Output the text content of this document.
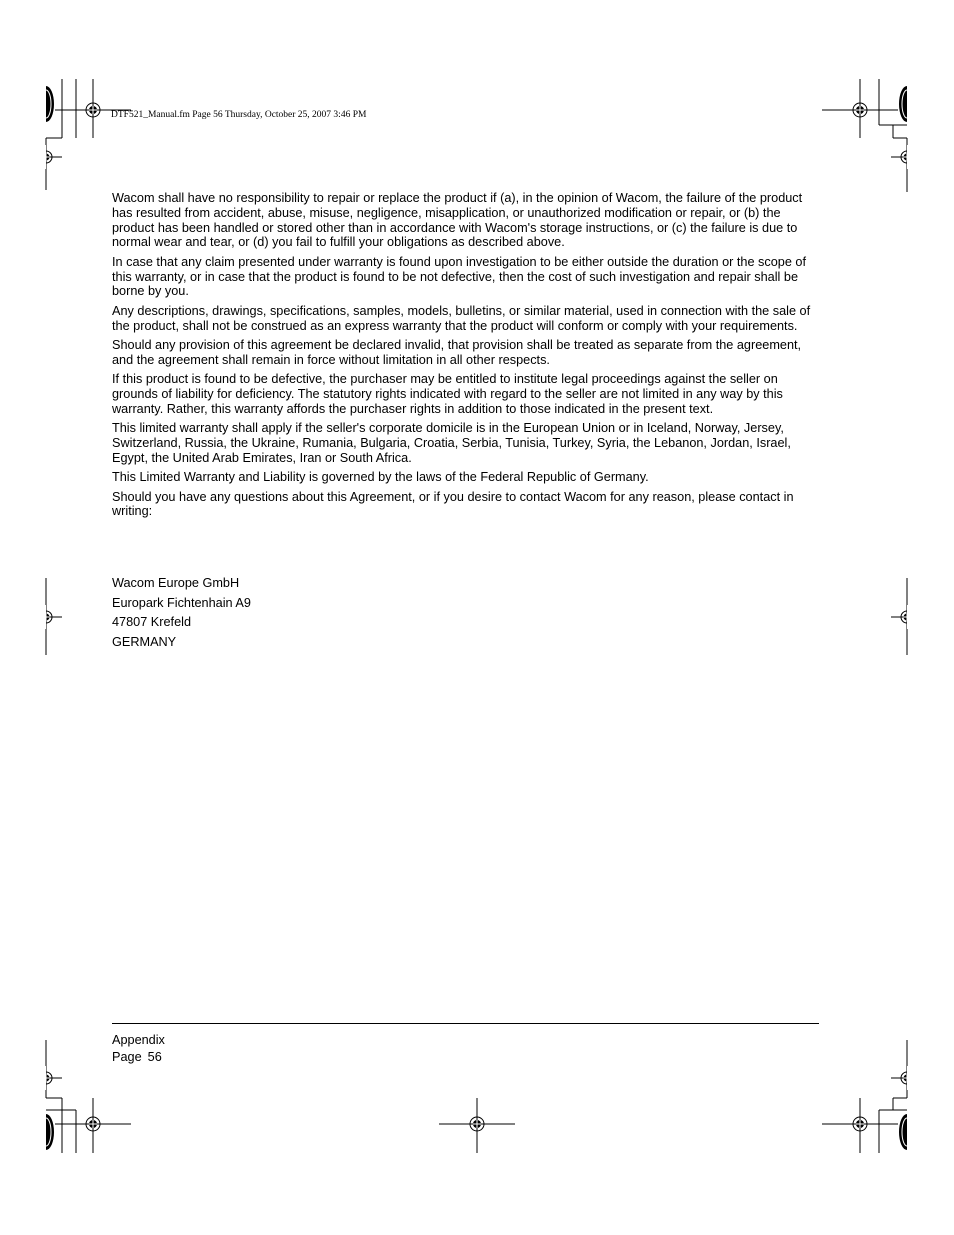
DTF521_Manual.fm Page 56 Thursday, October 25, 2007 3:46 PM

Wacom shall have no responsibility to repair or replace the product if (a), in the opinion of Wacom, the failure of the product has resulted from accident, abuse, misuse, negligence, misapplication, or unauthorized modification or repair, or (b) the product has been handled or stored other than in accordance with Wacom's storage instructions, or (c) the failure is due to normal wear and tear, or (d) you fail to fulfill your obligations as described above.

In case that any claim presented under warranty is found upon investigation to be either outside the duration or the scope of this warranty, or in case that the product is found to be not defective, then the cost of such investigation and repair shall be borne by you.

Any descriptions, drawings, specifications, samples, models, bulletins, or similar material, used in connection with the sale of the product, shall not be construed as an express warranty that the product will conform or comply with your requirements.

Should any provision of this agreement be declared invalid, that provision shall be treated as separate from the agreement, and the agreement shall remain in force without limitation in all other respects.

If this product is found to be defective, the purchaser may be entitled to institute legal proceedings against the seller on grounds of liability for deficiency. The statutory rights indicated with regard to the seller are not limited in any way by this warranty. Rather, this warranty affords the purchaser rights in addition to those indicated in the present text.

This limited warranty shall apply if the seller's corporate domicile is in the European Union or in Iceland, Norway, Jersey, Switzerland, Russia, the Ukraine, Rumania, Bulgaria, Croatia, Serbia, Tunisia, Turkey, Syria, the Lebanon, Jordan, Israel, Egypt, the United Arab Emirates, Iran or South Africa.

This Limited Warranty and Liability is governed by the laws of the Federal Republic of Germany.

Should you have any questions about this Agreement, or if you desire to contact Wacom for any reason, please contact in writing:

Wacom Europe GmbH
Europark Fichtenhain A9
47807 Krefeld
GERMANY
Appendix
Page 56
